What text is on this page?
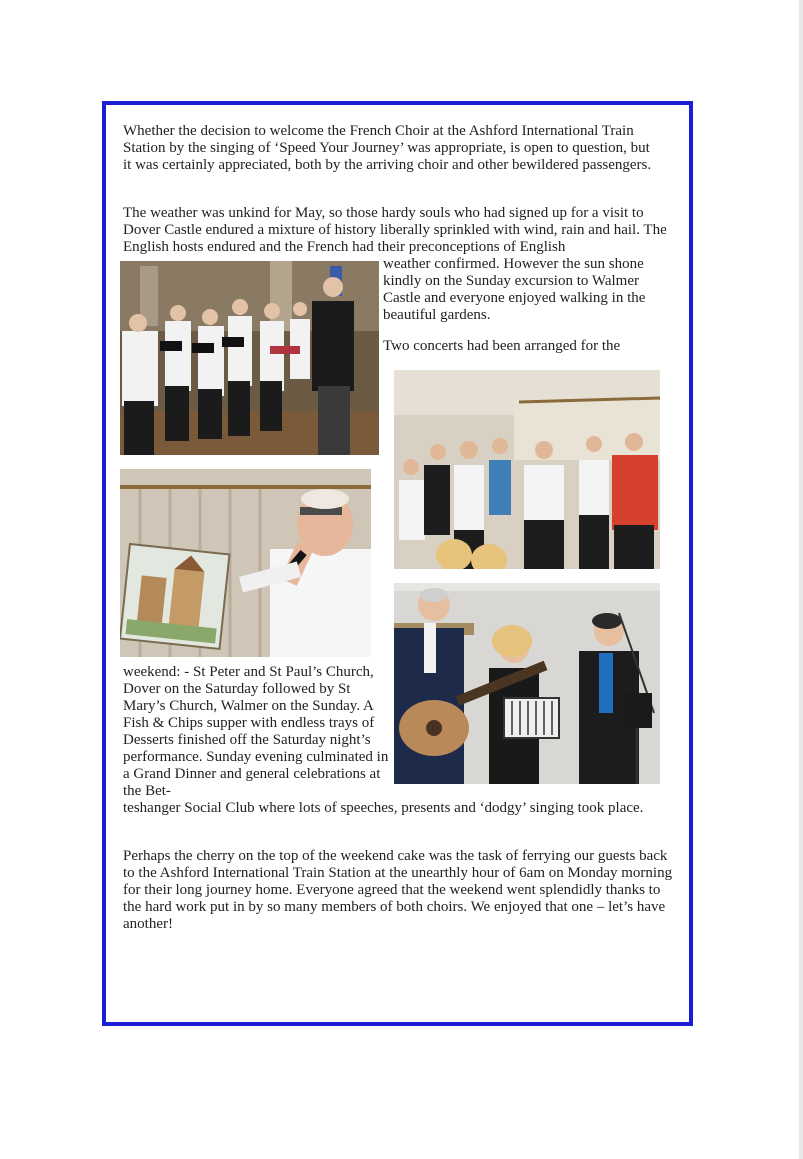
Whether the decision to welcome the French Choir at the Ashford International Train Station by the singing of ‘Speed Your Journey’ was appropriate, is open to question, but it was certainly appreciated, both by the arriving choir and other bewildered passengers.

The weather was unkind for May, so those hardy souls who had signed up for a visit to Dover Castle endured a mixture of history liberally sprinkled with wind, rain and hail. The English hosts endured and the French had their preconceptions of English

weather confirmed. However the sun shone kindly on the Sunday excursion to Walmer Castle and everyone enjoyed walking in the beautiful gardens.

Two concerts had been arranged for the

weekend: - St Peter and St Paul’s Church, Dover on the Saturday followed by St Mary’s Church, Walmer on the Sunday. A Fish & Chips supper with endless trays of Desserts finished off the Saturday night’s performance. Sunday evening culminated in a Grand Dinner and general celebrations at the Bet-

teshanger Social Club where lots of speeches, presents and ‘dodgy’ singing took place.

Perhaps the cherry on the top of the weekend cake was the task of ferrying our guests back to the Ashford International Train Station at the unearthly hour of 6am on Monday morning for their long journey home. Everyone agreed that the weekend went splendidly thanks to the hard work put in by so many members of both choirs. We enjoyed that one – let’s have another!
